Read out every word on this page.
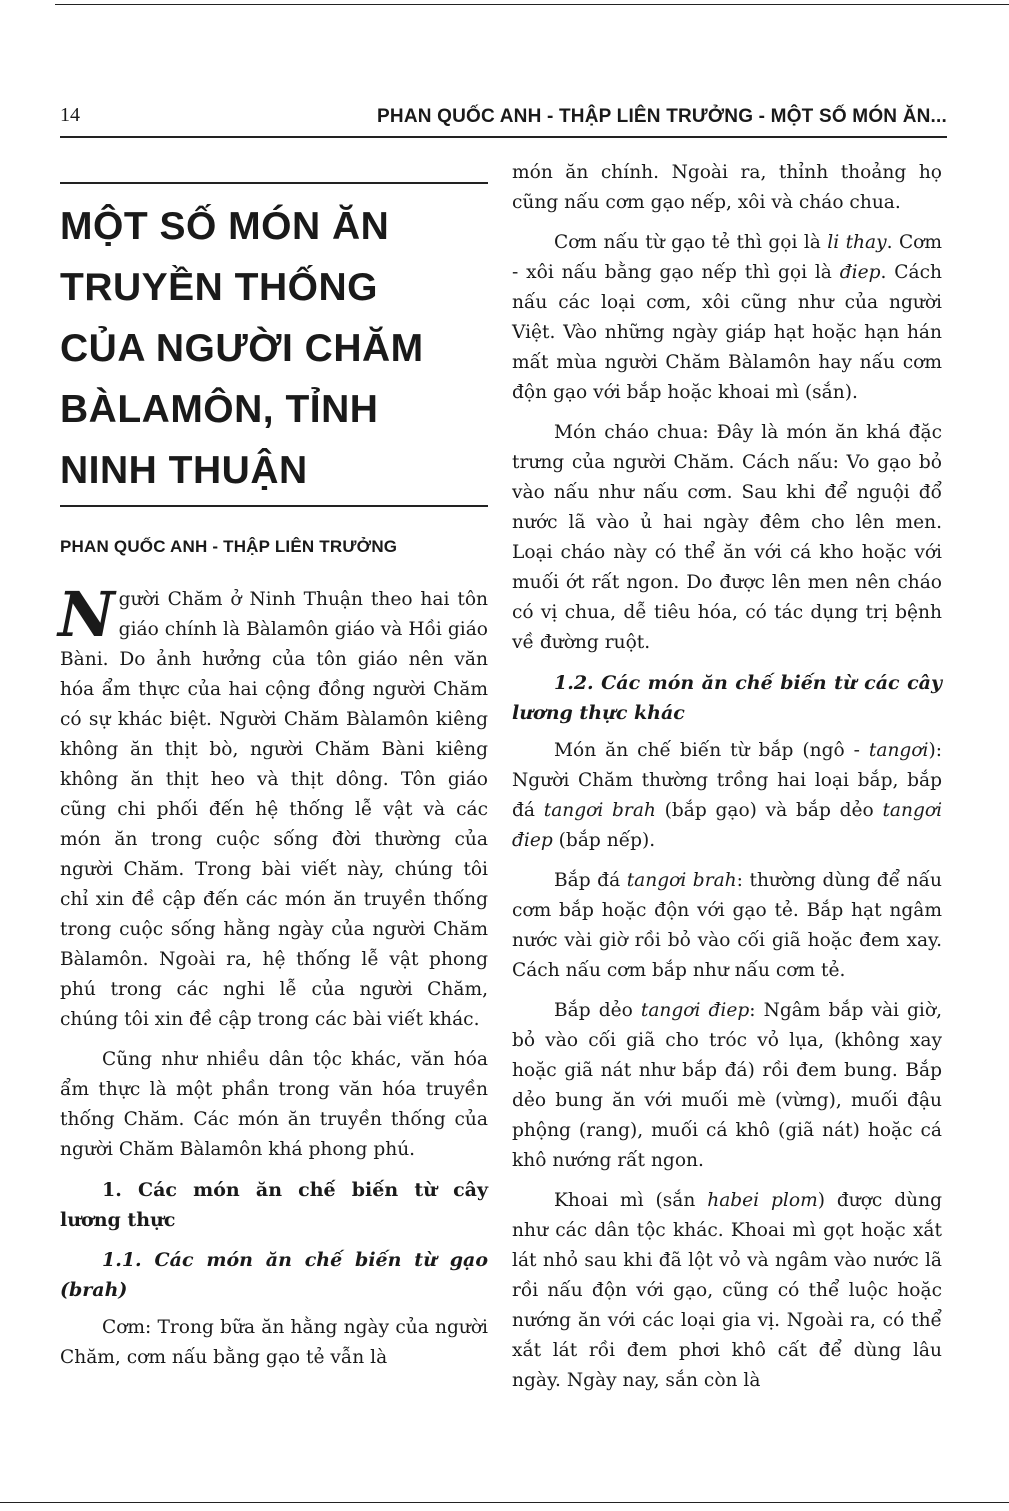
14	PHAN QUỐC ANH - THẬP LIÊN TRƯỞNG - MỘT SỐ MÓN ĂN...
MỘT SỐ MÓN ĂN
TRUYỀN THỐNG
CỦA NGƯỜI CHĂM
BÀLAMÔN, TỈNH
NINH THUẬN
PHAN QUỐC ANH - THẬP LIÊN TRƯỞNG

Người Chăm ở Ninh Thuận theo hai tôn giáo chính là Bàlamôn giáo và Hồi giáo Bàni. Do ảnh hưởng của tôn giáo nên văn hóa ẩm thực của hai cộng đồng người Chăm có sự khác biệt. Người Chăm Bàlamôn kiêng không ăn thịt bò, người Chăm Bàni kiêng không ăn thịt heo và thịt dông. Tôn giáo cũng chi phối đến hệ thống lễ vật và các món ăn trong cuộc sống đời thường của người Chăm. Trong bài viết này, chúng tôi chỉ xin đề cập đến các món ăn truyền thống trong cuộc sống hằng ngày của người Chăm Bàlamôn. Ngoài ra, hệ thống lễ vật phong phú trong các nghi lễ của người Chăm, chúng tôi xin đề cập trong các bài viết khác.

Cũng như nhiều dân tộc khác, văn hóa ẩm thực là một phần trong văn hóa truyền thống Chăm. Các món ăn truyền thống của người Chăm Bàlamôn khá phong phú.

1. Các món ăn chế biến từ cây lương thực
1.1. Các món ăn chế biến từ gạo (brah)

Cơm: Trong bữa ăn hằng ngày của người Chăm, cơm nấu bằng gạo tẻ vẫn là

món ăn chính. Ngoài ra, thỉnh thoảng họ cũng nấu cơm gạo nếp, xôi và cháo chua.

Cơm nấu từ gạo tẻ thì gọi là li thay. Cơm - xôi nấu bằng gạo nếp thì gọi là điep. Cách nấu các loại cơm, xôi cũng như của người Việt. Vào những ngày giáp hạt hoặc hạn hán mất mùa người Chăm Bàlamôn hay nấu cơm độn gạo với bắp hoặc khoai mì (sắn).

Món cháo chua: Đây là món ăn khá đặc trưng của người Chăm. Cách nấu: Vo gạo bỏ vào nấu như nấu cơm. Sau khi để nguội đổ nước lã vào ủ hai ngày đêm cho lên men. Loại cháo này có thể ăn với cá kho hoặc với muối ớt rất ngon. Do được lên men nên cháo có vị chua, dễ tiêu hóa, có tác dụng trị bệnh về đường ruột.

1.2. Các món ăn chế biến từ các cây lương thực khác

Món ăn chế biến từ bắp (ngô - tangơi): Người Chăm thường trồng hai loại bắp, bắp đá tangơi brah (bắp gạo) và bắp dẻo tangơi điep (bắp nếp).

Bắp đá tangơi brah: thường dùng để nấu cơm bắp hoặc độn với gạo tẻ. Bắp hạt ngâm nước vài giờ rồi bỏ vào cối giã hoặc đem xay. Cách nấu cơm bắp như nấu cơm tẻ.

Bắp dẻo tangơi điep: Ngâm bắp vài giờ, bỏ vào cối giã cho tróc vỏ lụa, (không xay hoặc giã nát như bắp đá) rồi đem bung. Bắp dẻo bung ăn với muối mè (vừng), muối đậu phộng (rang), muối cá khô (giã nát) hoặc cá khô nướng rất ngon.

Khoai mì (sắn habei plom) được dùng như các dân tộc khác. Khoai mì gọt hoặc xắt lát nhỏ sau khi đã lột vỏ và ngâm vào nước lã rồi nấu độn với gạo, cũng có thể luộc hoặc nướng ăn với các loại gia vị. Ngoài ra, có thể xắt lát rồi đem phơi khô cất để dùng lâu ngày. Ngày nay, sắn còn là
